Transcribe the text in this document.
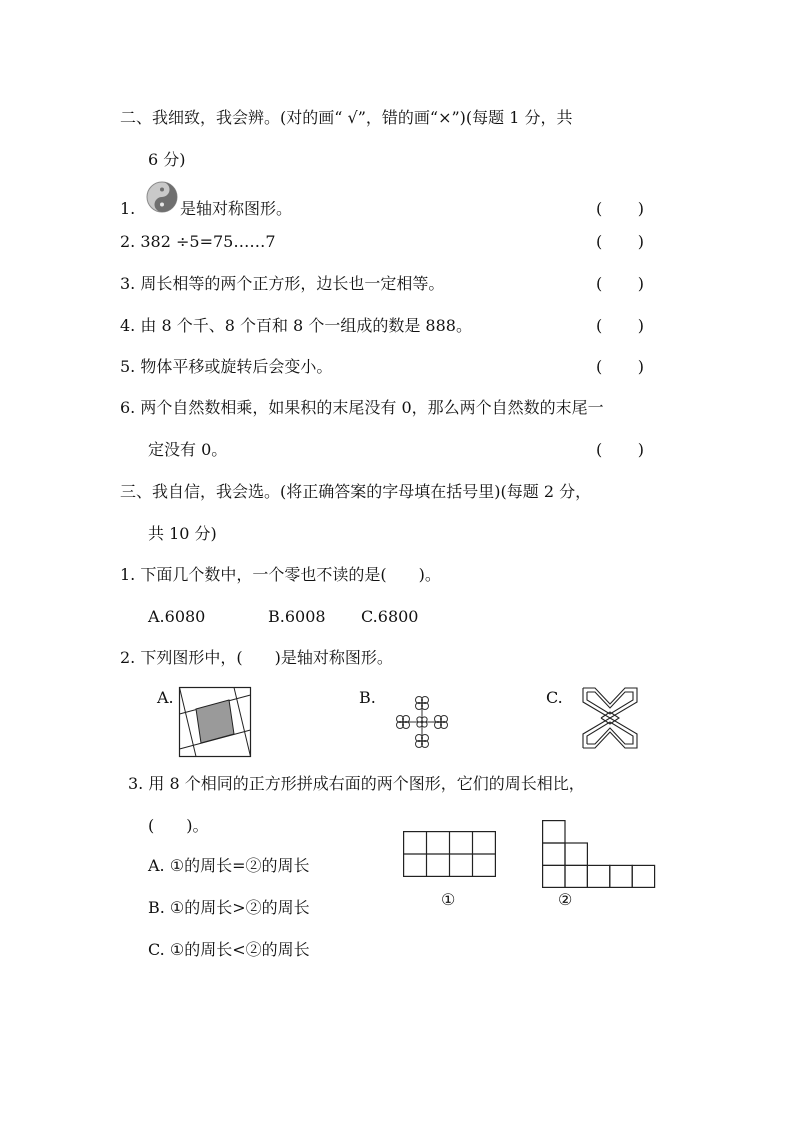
二、我细致，我会辨。(对的画“ √”，错的画“×”)(每题 1 分，共
6 分)
1.	是轴对称图形。	( )
2. 382 ÷5=75……7	( )
3. 周长相等的两个正方形，边长也一定相等。	( )
4. 由 8 个千、8 个百和 8 个一组成的数是 888。	( )
5. 物体平移或旋转后会变小。	( )
6. 两个自然数相乘，如果积的末尾没有 0，那么两个自然数的末尾一
定没有 0。	( )
三、我自信，我会选。(将正确答案的字母填在括号里)(每题 2 分，
共 10 分)
1. 下面几个数中，一个零也不读的是(　　)。
A.6080	B.6008 C.6800
2. 下列图形中，(　　)是轴对称图形。
A.	B.	C.
3. 用 8 个相同的正方形拼成右面的两个图形，它们的周长相比，
(　　)。
A. ①的周长=②的周长
B. ①的周长>②的周长
C. ①的周长<②的周长
①	②
